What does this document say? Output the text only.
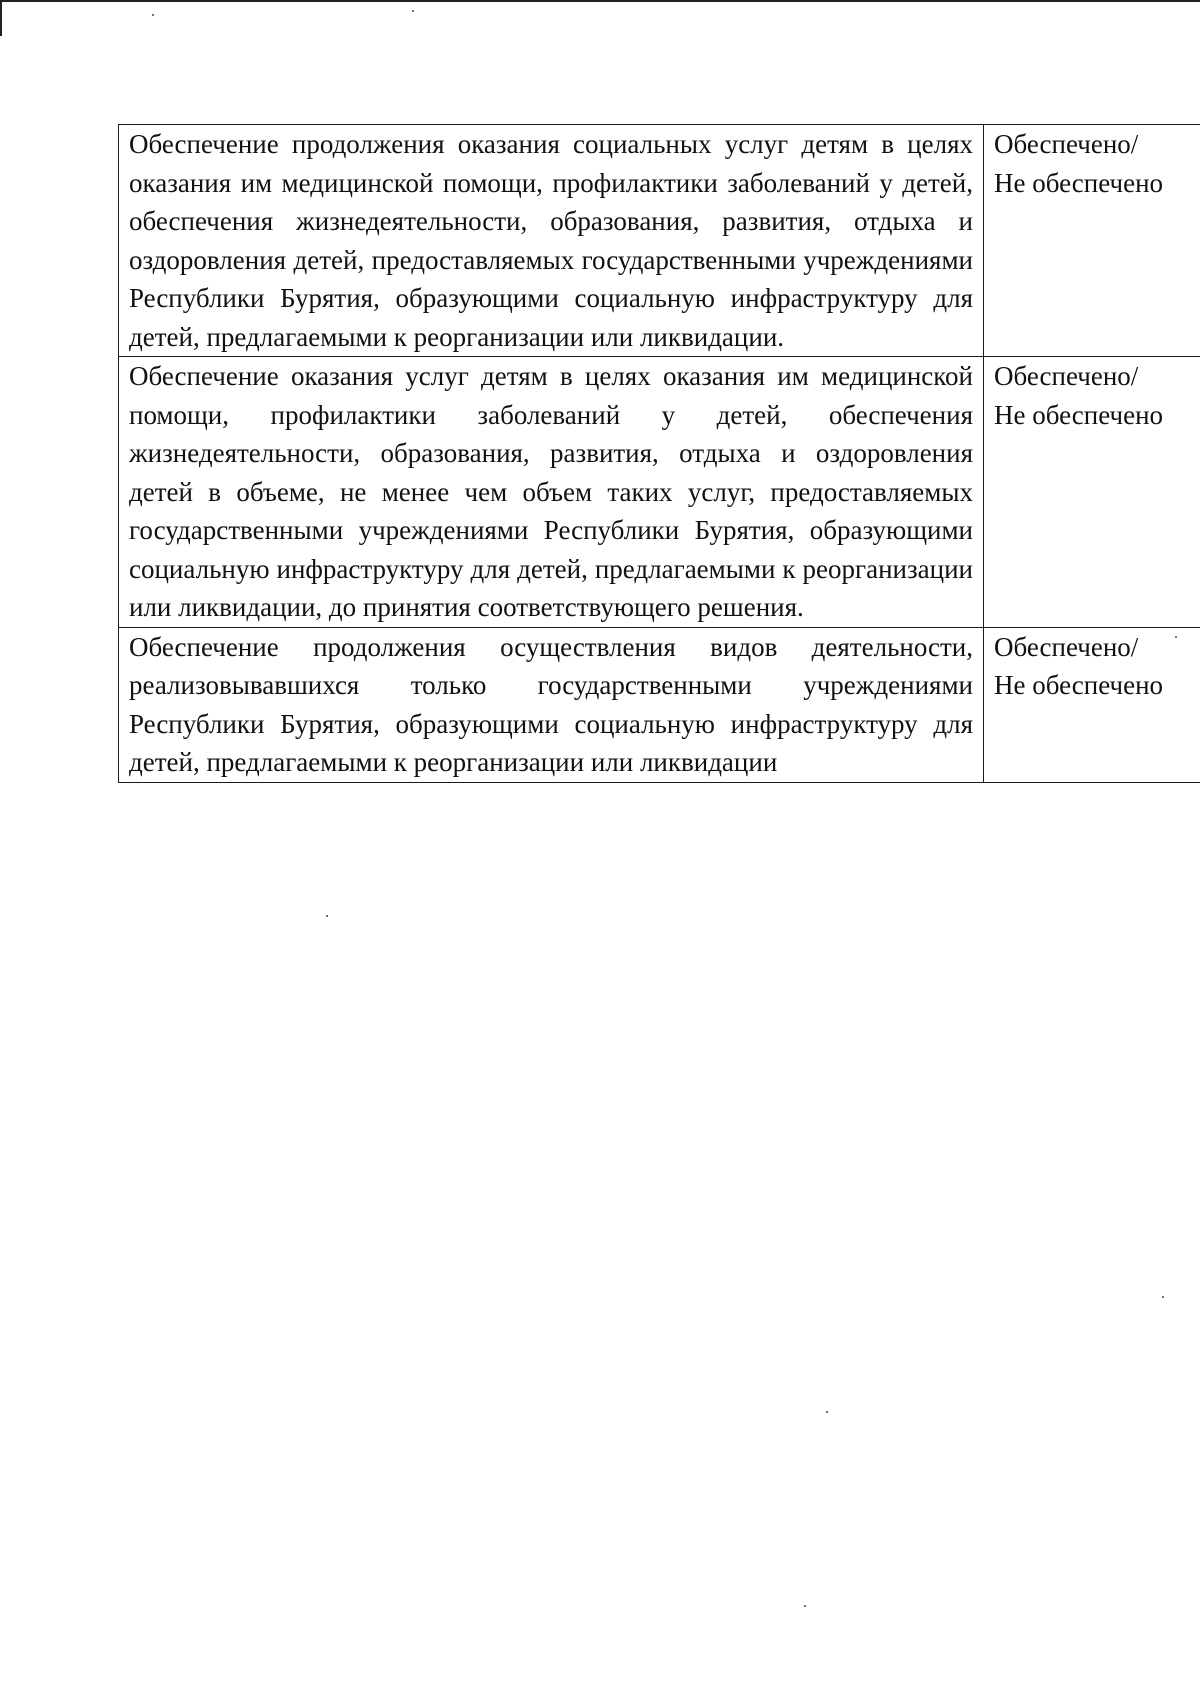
Обеспечение продолжения оказания социальных услуг детям в целях оказания им медицинской помощи, профилактики заболеваний у детей, обеспечения жизнедеятельности, образования, развития, отдыха и оздоровления детей, предоставляемых государственными учреждениями Республики Бурятия, образующими социальную инфраструктуру для детей, предлагаемыми к реорганизации или ликвидации.	Обеспечено/
Не обеспечено

Обеспечение оказания услуг детям в целях оказания им медицинской помощи, профилактики заболеваний у детей, обеспечения жизнедеятельности, образования, развития, отдыха и оздоровления детей в объеме, не менее чем объем таких услуг, предоставляемых государственными учреждениями Республики Бурятия, образующими социальную инфраструктуру для детей, предлагаемыми к реорганизации или ликвидации, до принятия соответствующего решения.	Обеспечено/
Не обеспечено

Обеспечение продолжения осуществления видов деятельности, реализовывавшихся только государственными учреждениями Республики Бурятия, образующими социальную инфраструктуру для детей, предлагаемыми к реорганизации или ликвидации	Обеспечено/
Не обеспечено
